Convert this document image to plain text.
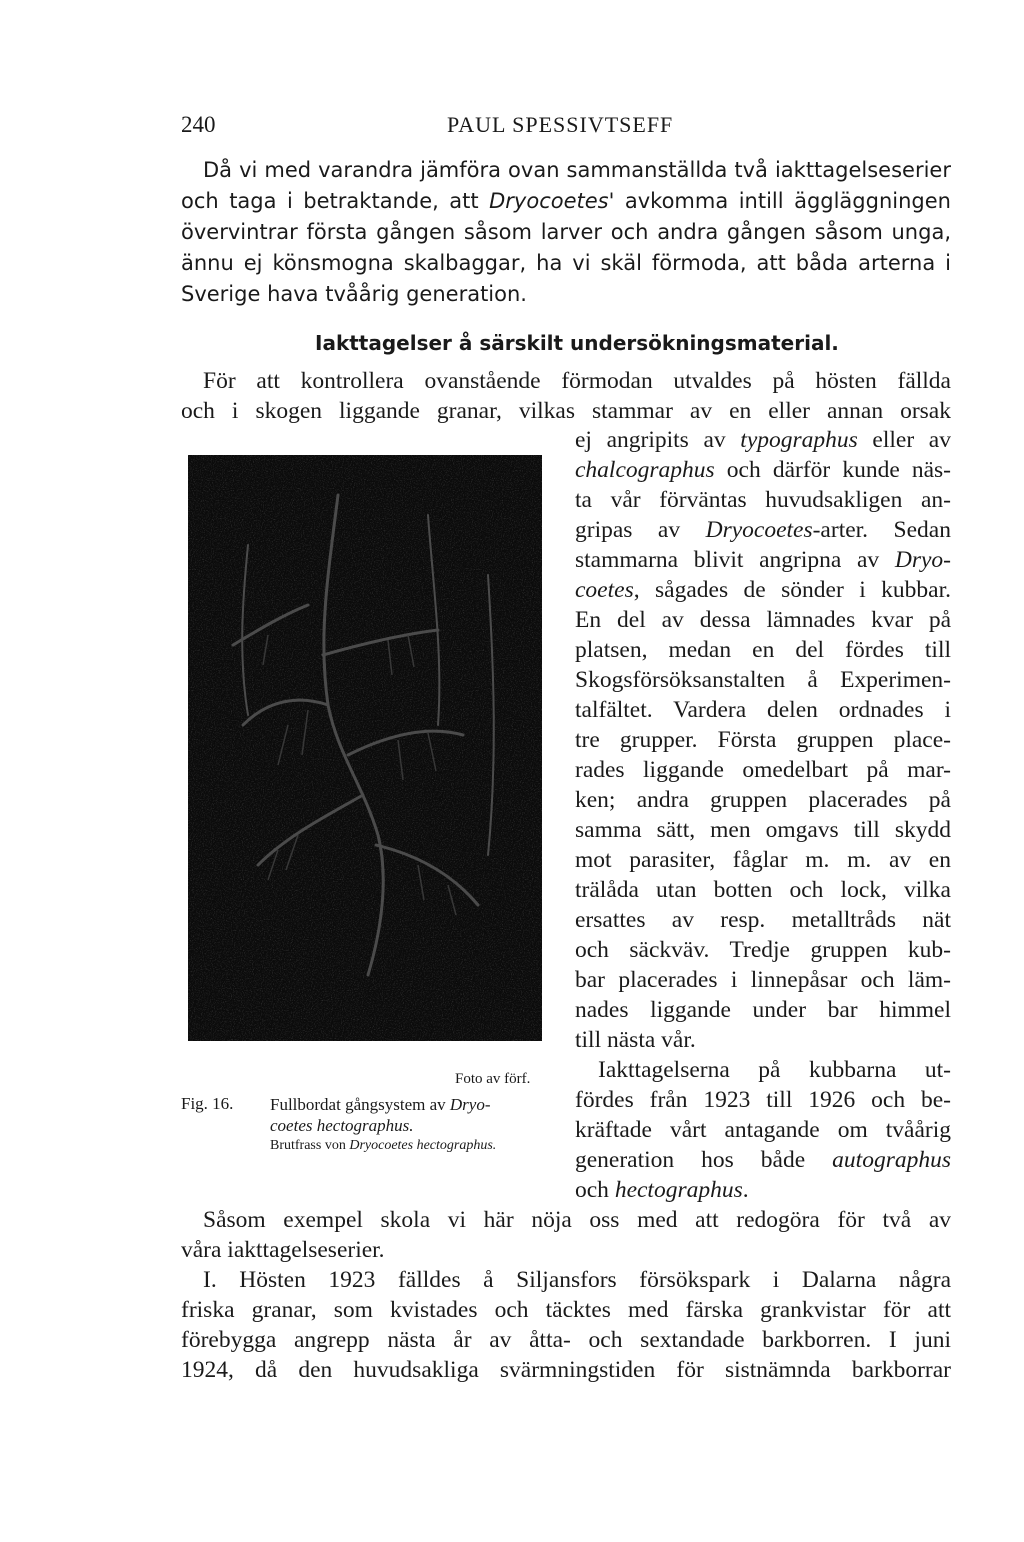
240	PAUL SPESSIVTSEFF
Då vi med varandra jämföra ovan sammanställda två iakttagelseserier
och taga i betraktande, att Dryocoetes' avkomma intill äggläggningen
övervintrar första gången såsom larver och andra gången såsom unga,
ännu ej könsmogna skalbaggar, ha vi skäl förmoda, att båda arterna i
Sverige hava tvåårig generation.
Iakttagelser å särskilt undersökningsmaterial.
För att kontrollera ovanstående förmodan utvaldes på hösten fällda
och i skogen liggande granar, vilkas stammar av en eller annan orsak
ej angripits av typographus eller av
chalcographus och därför kunde näs-
ta vår förväntas huvudsakligen an-
gripas av Dryocoetes-arter. Sedan
stammarna blivit angripna av Dryo-
coetes, sågades de sönder i kubbar.
En del av dessa lämnades kvar på
platsen, medan en del fördes till
Skogsförsöksanstalten å Experimen-
talfältet. Vardera delen ordnades i
tre grupper. Första gruppen place-
rades liggande omedelbart på mar-
ken; andra gruppen placerades på
samma sätt, men omgavs till skydd
mot parasiter, fåglar m. m. av en
trälåda utan botten och lock, vilka
ersattes av resp. metalltråds nät
och säckväv. Tredje gruppen kub-
bar placerades i linnepåsar och läm-
nades liggande under bar himmel
till nästa vår.
Iakttagelserna på kubbarna ut-
fördes från 1923 till 1926 och be-
kräftade vårt antagande om tvåårig
generation hos både autographus
och hectographus.
Foto av förf.
Fig. 16. Fullbordat gångsystem av Dryo-
coetes hectographus.
Brutfrass von Dryocoetes hectographus.
Såsom exempel skola vi här nöja oss med att redogöra för två av
våra iakttagelseserier.
I. Hösten 1923 fälldes å Siljansfors försökspark i Dalarna några
friska granar, som kvistades och täcktes med färska grankvistar för att
förebygga angrepp nästa år av åtta- och sextandade barkborren. I juni
1924, då den huvudsakliga svärmningstiden för sistnämnda barkborrar
